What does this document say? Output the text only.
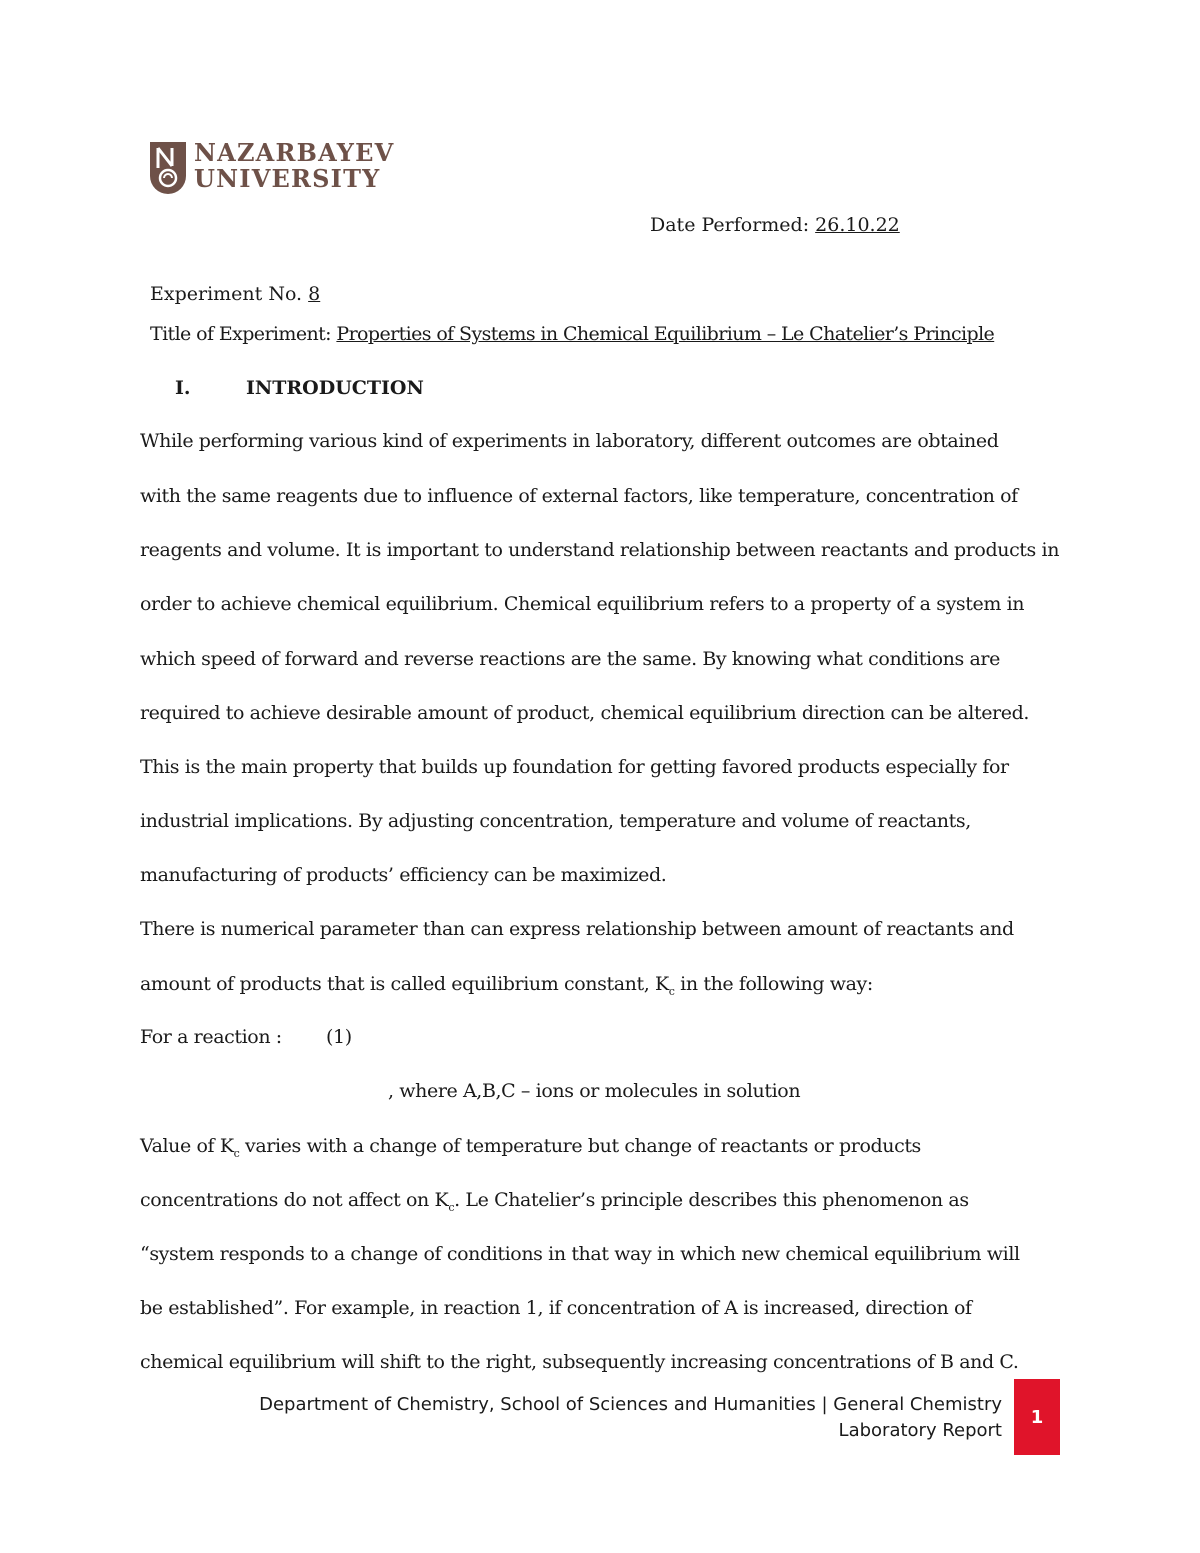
NAZARBAYEV
UNIVERSITY
Date Performed: 26.10.22
Experiment No. 8
Title of Experiment: Properties of Systems in Chemical Equilibrium – Le Chatelier’s Principle
I.	INTRODUCTION
While performing various kind of experiments in laboratory, different outcomes are obtained
with the same reagents due to influence of external factors, like temperature, concentration of
reagents and volume. It is important to understand relationship between reactants and products in
order to achieve chemical equilibrium. Chemical equilibrium refers to a property of a system in
which speed of forward and reverse reactions are the same. By knowing what conditions are
required to achieve desirable amount of product, chemical equilibrium direction can be altered.
This is the main property that builds up foundation for getting favored products especially for
industrial implications. By adjusting concentration, temperature and volume of reactants,
manufacturing of products’ efficiency can be maximized.
There is numerical parameter than can express relationship between amount of reactants and
amount of products that is called equilibrium constant, $K_c$ in the following way:
For a reaction : (1)
, where A,B,C – ions or molecules in solution
Value of $K_c$ varies with a change of temperature but change of reactants or products
concentrations do not affect on $K_c$. Le Chatelier’s principle describes this phenomenon as
“system responds to a change of conditions in that way in which new chemical equilibrium will
be established”. For example, in reaction 1, if concentration of A is increased, direction of
chemical equilibrium will shift to the right, subsequently increasing concentrations of B and C.
Department of Chemistry, School of Sciences and Humanities | General Chemistry
Laboratory Report
1
